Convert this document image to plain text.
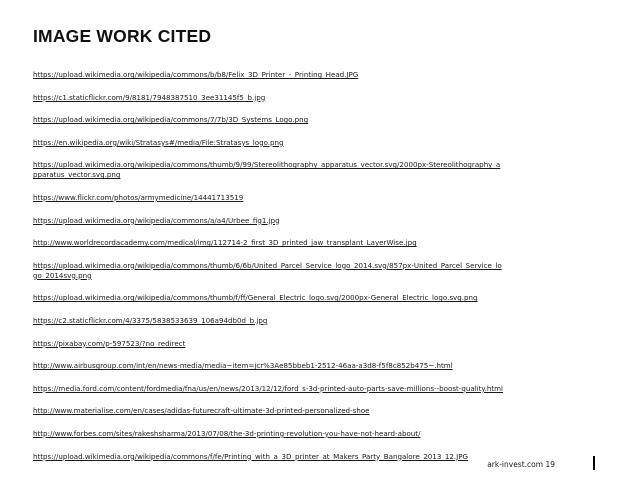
IMAGE WORK CITED
https://upload.wikimedia.org/wikipedia/commons/b/b8/Felix_3D_Printer_-_Printing_Head.JPG
https://c1.staticflickr.com/9/8181/7948387510_3ee31145f5_b.jpg
https://upload.wikimedia.org/wikipedia/commons/7/7b/3D_Systems_Logo.png
https://en.wikipedia.org/wiki/Stratasys#/media/File:Stratasys_logo.png
https://upload.wikimedia.org/wikipedia/commons/thumb/9/99/Stereolithography_apparatus_vector.svg/2000px-Stereolithography_apparatus_vector.svg.png
https://www.flickr.com/photos/armymedicine/14441713519
https://upload.wikimedia.org/wikipedia/commons/a/a4/Urbee_fig1.jpg
http://www.worldrecordacademy.com/medical/img/112714-2_first_3D_printed_jaw_transplant_LayerWise.jpg
https://upload.wikimedia.org/wikipedia/commons/thumb/6/6b/United_Parcel_Service_logo_2014.svg/857px-United_Parcel_Service_logo_2014svg.png
https://upload.wikimedia.org/wikipedia/commons/thumb/f/ff/General_Electric_logo.svg/2000px-General_Electric_logo.svg.png
https://c2.staticflickr.com/4/3375/5838533639_106a94db0d_b.jpg
https://pixabay.com/p-597523/?no_redirect
http://www.airbusgroup.com/int/en/news-media/media~item=jcr%3Ae85bbeb1-2512-46aa-a3d8-f5f8c852b475~.html
https://media.ford.com/content/fordmedia/fna/us/en/news/2013/12/12/ford_s-3d-printed-auto-parts-save-millions--boost-quality.html
http://www.materialise.com/en/cases/adidas-futurecraft-ultimate-3d-printed-personalized-shoe
http://www.forbes.com/sites/rakeshsharma/2013/07/08/the-3d-printing-revolution-you-have-not-heard-about/
https://upload.wikimedia.org/wikipedia/commons/f/fe/Printing_with_a_3D_printer_at_Makers_Party_Bangalore_2013_12.JPG
ark-invest.com 19
